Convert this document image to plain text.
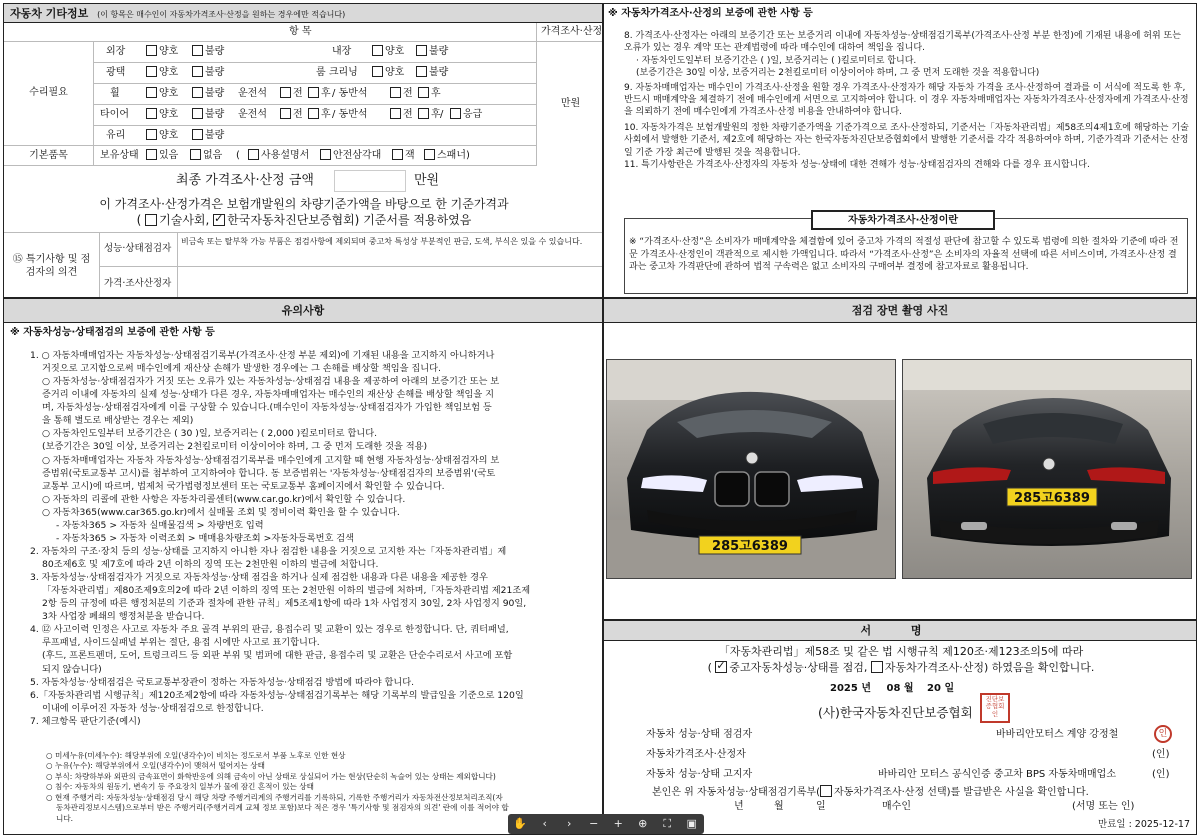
자동차 기타정보 (이 항목은 매수인이 자동차가격조사·산정을 원하는 경우에만 적습니다)
항 목	가격조사·산정
수리필요
만원
외장	양호	불량	내장	양호	불량
광택	양호	불량	룸 크리닝	양호	불량
휠	양호	불량 운전석	전	후 / 동반석	전	후
타이어	양호	불량 운전석	전	후 / 동반석	전	후 /	응급
유리	양호	불량
기본품목	보유상태	있음	없음 (	사용설명서	안전삼각대	잭	스패너)
최종 가격조사·산정 금액	만원
이 가격조사·산정가격은 보험개발원의 차량기준가액을 바탕으로 한 기준가격과
( 기술사회, ✓ 한국자동차진단보증협회) 기준서를 적용하였음
⑮ 특기사항 및 점검자의 의견
성능·상태점검자
비금속 또는 탈부착 가능 부품은 점검사항에 제외되며 중고차 특성상 부분적인 판금, 도색, 부식은 있을 수 있습니다.
가격·조사산정자
※ 자동차가격조사·산정의 보증에 관한 사항 등

8. 가격조사·산정자는 아래의 보증기간 또는 보증거리 이내에 자동차성능·상태점검기록부(가격조사·산정 부분 한정)에 기재된 내용에 허위 또는 오류가 있는 경우 계약 또는 관계법령에 따라 매수인에 대하여 책임을 집니다.

· 자동차인도일부터 보증기간은 ( )일, 보증거리는 ( )킬로미터로 합니다.

(보증기간은 30일 이상, 보증거리는 2천킬로미터 이상이어야 하며, 그 중 먼저 도래한 것을 적용합니다)

9. 자동차매매업자는 매수인이 가격조사·산정을 원할 경우 가격조사·산정자가 해당 자동차 가격을 조사·산정하여 결과를 이 서식에 적도록 한 후, 반드시 매매계약을 체결하기 전에 매수인에게 서면으로 고지하여야 합니다. 이 경우 자동차매매업자는 자동차가격조사·산정자에게 가격조사·산정을 의뢰하기 전에 매수인에게 가격조사·산정 비용을 안내하여야 합니다.

10. 자동차가격은 보험개발원의 정한 차량기준가액을 기준가격으로 조사·산정하되, 기준서는「자동차관리법」제58조의4제1호에 해당하는 기술사회에서 발행한 기준서, 제2호에 해당하는 자는 한국자동차진단보증협회에서 발행한 기준서를 각각 적용하여야 하며, 기준가격과 기준서는 산정일 기준 가장 최근에 발행된 것을 적용합니다.

11. 특기사항란은 가격조사·산정자의 자동차 성능·상태에 대한 견해가 성능·상태점검자의 견해와 다를 경우 표시합니다.

자동차가격조사·산정이란
※ “가격조사·산정”은 소비자가 매매계약을 체결함에 있어 중고차 가격의 적절성 판단에 참고할 수 있도록 법령에 의한 절차와 기준에 따라 전문 가격조사·산정인이 객관적으로 제시한 가액입니다. 따라서 “가격조사·산정”은 소비자의 자율적 선택에 따른 서비스이며, 가격조사·산정 결과는 중고차 가격판단에 관하여 법적 구속력은 없고 소비자의 구매여부 결정에 참고자료로 활용됩니다.
유의사항
※ 자동차성능·상태점검의 보증에 관한 사항 등

1. ○ 자동차매매업자는 자동차성능·상태점검기록부(가격조사·산정 부분 제외)에 기재된 내용을 고지하지 아니하거나

거짓으로 고지함으로써 매수인에게 재산상 손해가 발생한 경우에는 그 손해를 배상할 책임을 집니다.

○ 자동차성능·상태점검자가 거짓 또는 오류가 있는 자동차성능·상태점검 내용을 제공하여 아래의 보증기간 또는 보

증거리 이내에 자동차의 실제 성능·상태가 다른 경우, 자동차매매업자는 매수인의 재산상 손해를 배상할 책임을 지

며, 자동차성능·상태점검자에게 이를 구상할 수 있습니다.(매수인이 자동차성능·상태점검자가 가입한 책임보험 등

을 통해 별도로 배상받는 경우는 제외)

○ 자동차인도일부터 보증기간은 ( 30 )일, 보증거리는 ( 2,000 )킬로미터로 합니다.

(보증기간은 30일 이상, 보증거리는 2천킬로미터 이상이어야 하며, 그 중 먼저 도래한 것을 적용)

○ 자동차매매업자는 자동차 자동차성능·상태점검기록부를 매수인에게 고지할 때 현행 자동차성능·상태점검자의 보

증범위(국토교통부 고시)를 첨부하여 고지하여야 합니다. 동 보증범위는 '자동차성능·상태점검자의 보증범위'(국토

교통부 고시)에 따르며, 법제처 국가법령정보센터 또는 국토교통부 홈페이지에서 확인할 수 있습니다.

○ 자동차의 리콜에 관한 사항은 자동차리콜센터(www.car.go.kr)에서 확인할 수 있습니다.

○ 자동차365(www.car365.go.kr)에서 실매물 조회 및 정비이력 확인을 할 수 있습니다.

- 자동차365 > 자동차 실매물검색 > 차량번호 입력

- 자동차365 > 자동차 이력조회 > 매매용차량조회 >자동차등록번호 검색

2. 자동차의 구조·장치 등의 성능·상태를 고지하지 아니한 자나 점검한 내용을 거짓으로 고지한 자는「자동차관리법」제

80조제6호 및 제7호에 따라 2년 이하의 징역 또는 2천만원 이하의 벌금에 처합니다.

3. 자동차성능·상태점검자가 거짓으로 자동차성능·상태 점검을 하거나 실제 점검한 내용과 다른 내용을 제공한 경우

「자동차관리법」제80조제9호의2에 따라 2년 이하의 징역 또는 2천만원 이하의 벌금에 처하며,「자동차관리법 제21조제

2항 등의 규정에 따른 행정처분의 기준과 절차에 관한 규칙」제5조제1항에 따라 1차 사업정지 30일, 2차 사업정지 90일,

3차 사업장 폐쇄의 행정처분을 받습니다.

4. ⑫ 사고이력 인정은 사고로 자동차 주요 골격 부위의 판금, 용접수리 및 교환이 있는 경우로 한정합니다. 단, 쿼터패널,

루프패널, 사이드실패널 부위는 절단, 용접 시에만 사고로 표기합니다.

(후드, 프론트펜더, 도어, 트렁크리드 등 외판 부위 및 범퍼에 대한 판금, 용접수리 및 교환은 단순수리로서 사고에 포함

되지 않습니다)

5. 자동차성능·상태점검은 국토교통부장관이 정하는 자동차성능·상태점검 방법에 따라야 합니다.

6.「자동차관리법 시행규칙」제120조제2항에 따라 자동차성능·상태점검기록부는 해당 기록부의 발급일을 기준으로 120일

이내에 이루어진 자동차 성능·상태점검으로 한정합니다.

7. 체크항목 판단기준(예시)

○ 미세누유(미세누수): 해당부위에 오일(냉각수)이 비치는 정도로서 부품 노후로 인한 현상

○ 누유(누수): 해당부위에서 오일(냉각수)이 맺혀서 떨어지는 상태

○ 부식: 차량하부와 외판의 금속표면이 화학반응에 의해 금속이 아닌 상태로 상실되어 가는 현상(단순히 녹슬어 있는 상태는 제외합니다)

○ 침수: 자동차의 원동기, 변속기 등 주요장치 일부가 물에 잠긴 흔적이 있는 상태

○ 현재 주행거리: 자동차성능·상태점검 당시 해당 차량 주행거리계의 주행거리를 기록하되, 기록한 주행거리가 자동차전산정보처리조직(자

동차관리정보시스템)으로부터 받은 주행거리(주행거리계 교체 정보 포함)보다 적은 경우 '특기사항 및 점검자의 의견' 란에 이를 적어야 합

니다.

점검 장면 촬영 사진
285고6389
285고6389
서 명
「자동차관리법」제58조 및 같은 법 시행규칙 제120조·제123조의5에 따라
( ✓ 중고자동차성능·상태를 점검, 자동차가격조사·산정) 하였음을 확인합니다.
2025 년 08 월 20 일
(사)한국자동차진단보증협회
진단보증협회인
자동차 성능·상태 점검자	바바리안모터스 계양 강정철	인
자동차가격조사·산정자	(인)
자동차 성능·상태 고지자	바바리안 모터스 공식인증 중고차 BPS 자동차매매업소	(인)
본인은 위 자동차성능·상태점검기록부( 자동차가격조사·산정 선택)를 발급받은 사실을 확인합니다.
년	월	일	매수인	(서명 또는 인)
만료일 : 2025-12-17
✋	‹	›	−	+	⊕	⛶	▣
